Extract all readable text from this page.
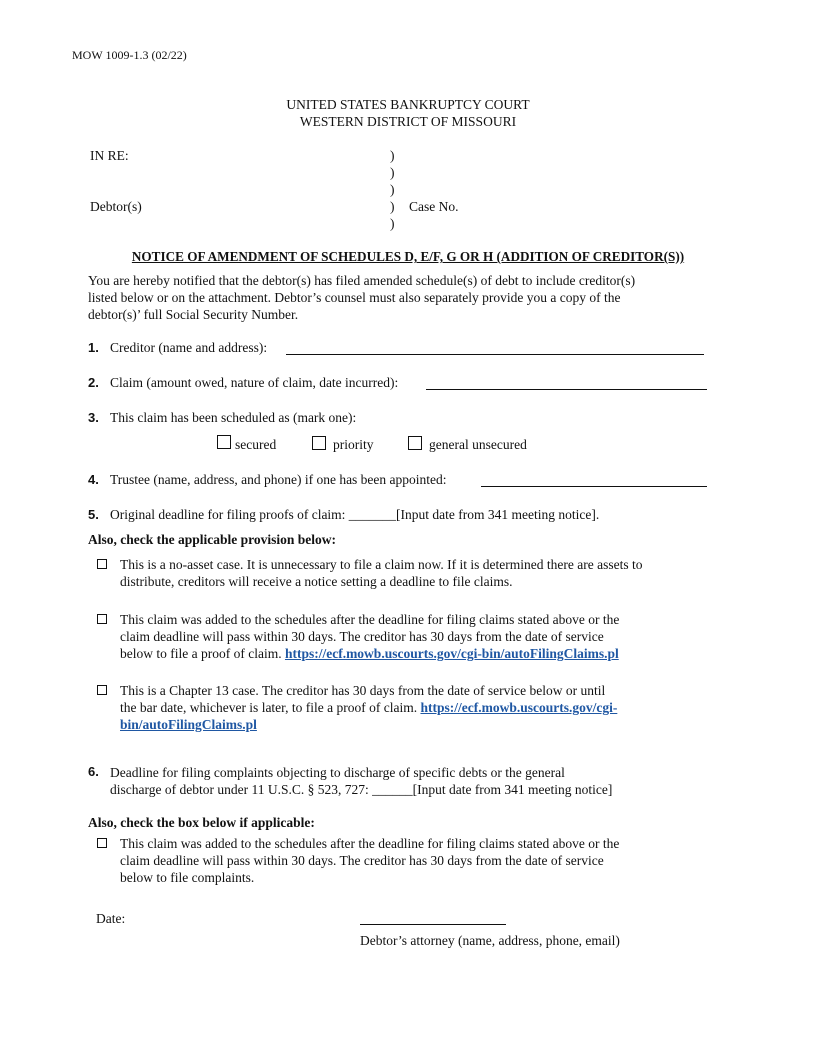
MOW 1009-1.3 (02/22)
UNITED STATES BANKRUPTCY COURT
WESTERN DISTRICT OF MISSOURI
IN RE:
Debtor(s)
)
)
)
)
)
Case No.
NOTICE OF AMENDMENT OF SCHEDULES D, E/F, G OR H (ADDITION OF CREDITOR(S))
You are hereby notified that the debtor(s) has filed amended schedule(s) of debt to include creditor(s)
listed below or on the attachment. Debtor’s counsel must also separately provide you a copy of the
debtor(s)’ full Social Security Number.
1. Creditor (name and address):
2. Claim (amount owed, nature of claim, date incurred):
3. This claim has been scheduled as (mark one):
secured	priority	general unsecured
4. Trustee (name, address, and phone) if one has been appointed:
5. Original deadline for filing proofs of claim: _______[Input date from 341 meeting notice].
Also, check the applicable provision below:
This is a no-asset case. It is unnecessary to file a claim now. If it is determined there are assets to
distribute, creditors will receive a notice setting a deadline to file claims.
This claim was added to the schedules after the deadline for filing claims stated above or the
claim deadline will pass within 30 days. The creditor has 30 days from the date of service
below to file a proof of claim. https://ecf.mowb.uscourts.gov/cgi-bin/autoFilingClaims.pl
This is a Chapter 13 case. The creditor has 30 days from the date of service below or until
the bar date, whichever is later, to file a proof of claim. https://ecf.mowb.uscourts.gov/cgi-
bin/autoFilingClaims.pl
6. Deadline for filing complaints objecting to discharge of specific debts or the general
discharge of debtor under 11 U.S.C. § 523, 727: ______[Input date from 341 meeting notice]
Also, check the box below if applicable:
This claim was added to the schedules after the deadline for filing claims stated above or the
claim deadline will pass within 30 days. The creditor has 30 days from the date of service
below to file complaints.
Date:
Debtor’s attorney (name, address, phone, email)
